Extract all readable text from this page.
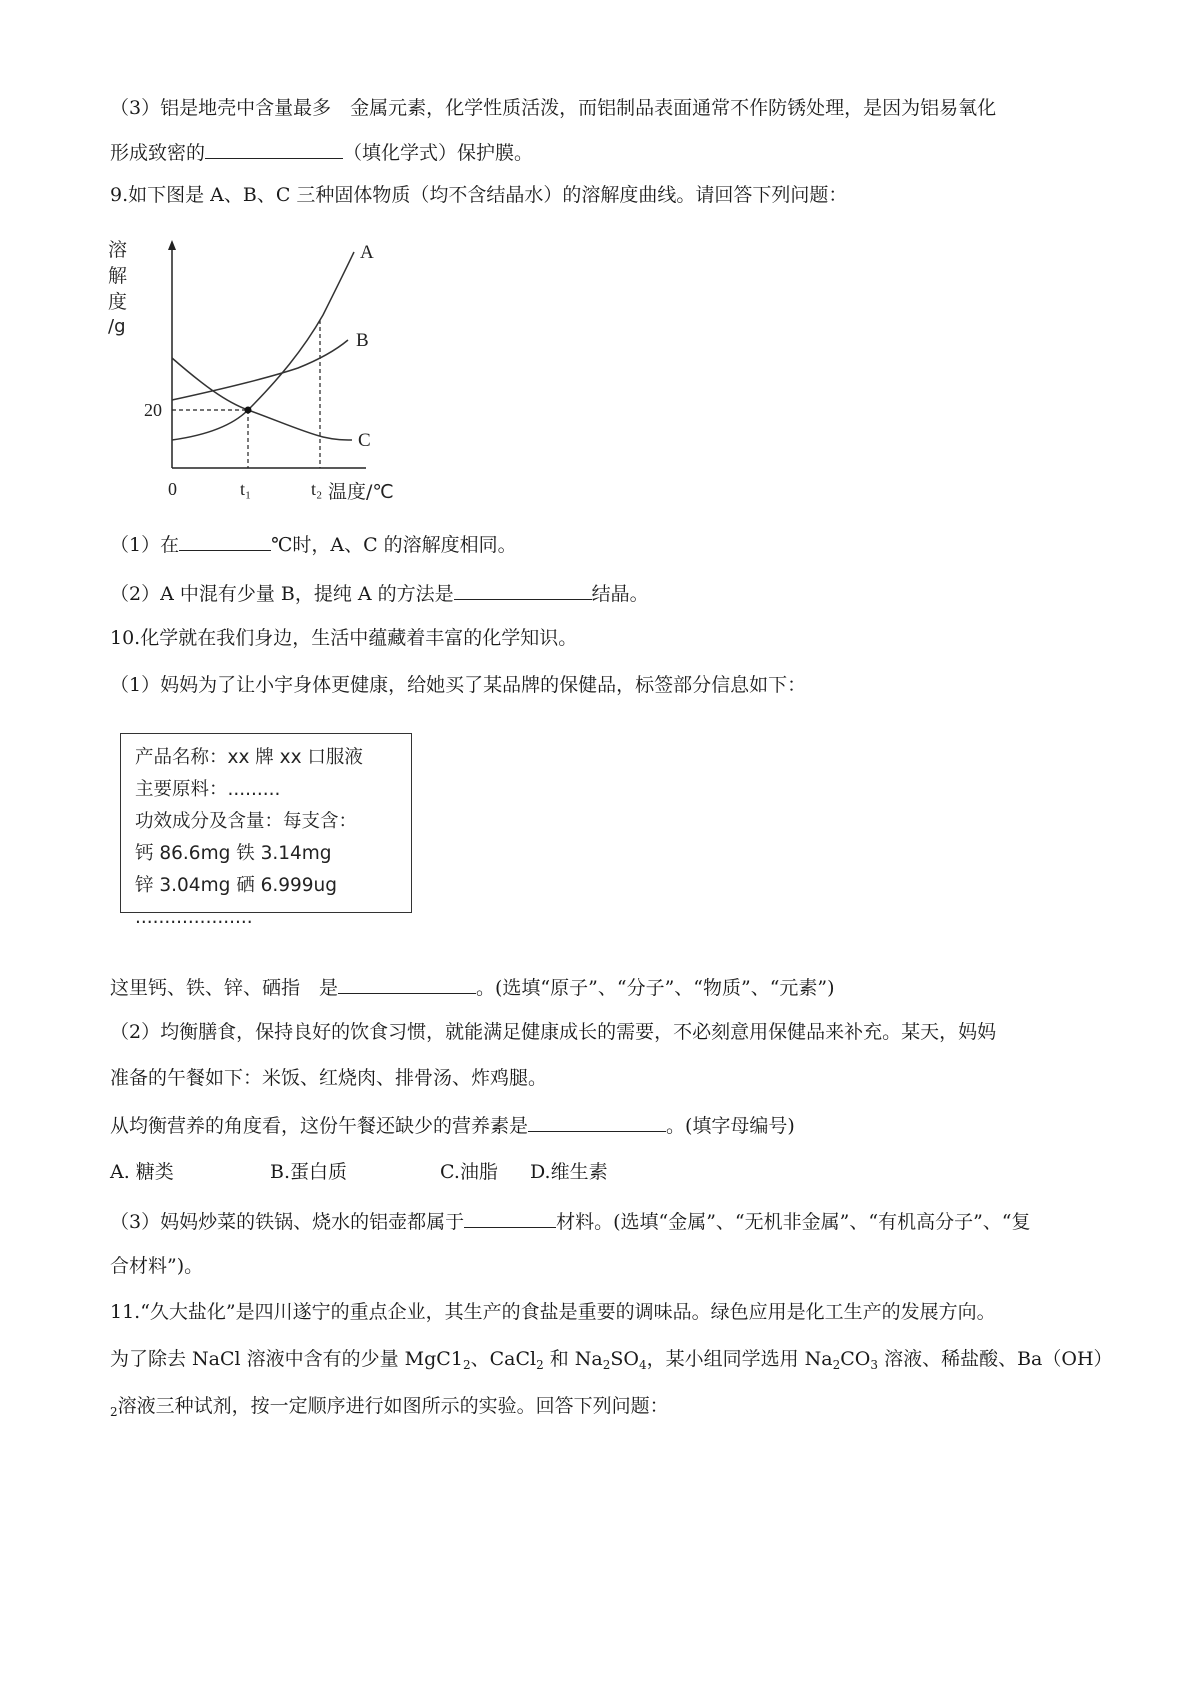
（3）铝是地壳中含量最多　金属元素，化学性质活泼，而铝制品表面通常不作防锈处理，是因为铝易氧化
形成致密的	（填化学式）保护膜。
9.如下图是 A、B、C 三种固体物质（均不含结晶水）的溶解度曲线。请回答下列问题：
溶
解
度
/g
A
B
C
20
0	t₁	t₂ 温度/℃
（1）在	℃时，A、C 的溶解度相同。
（2）A 中混有少量 B，提纯 A 的方法是	结晶。
10.化学就在我们身边，生活中蕴藏着丰富的化学知识。
（1）妈妈为了让小宇身体更健康，给她买了某品牌的保健品，标签部分信息如下：
产品名称：xx 牌 xx 口服液
主要原料：.........
功效成分及含量：每支含：
钙 86.6mg 铁 3.14mg
锌 3.04mg 硒 6.999ug
....................
这里钙、铁、锌、硒指　是	。(选填“原子”、“分子”、“物质”、“元素”)
（2）均衡膳食，保持良好的饮食习惯，就能满足健康成长的需要，不必刻意用保健品来补充。某天，妈妈
准备的午餐如下：米饭、红烧肉、排骨汤、炸鸡腿。
从均衡营养的角度看，这份午餐还缺少的营养素是	。(填字母编号)
A. 糖类	B.蛋白质	C.油脂 D.维生素
（3）妈妈炒菜的铁锅、烧水的铝壶都属于	材料。(选填“金属”、“无机非金属”、“有机高分子”、“复
合材料”)。
11.“久大盐化”是四川遂宁的重点企业，其生产的食盐是重要的调味品。绿色应用是化工生产的发展方向。
为了除去 NaCl 溶液中含有的少量 $MgC1_2$、CaCl$_2$ 和 $Na_2SO_4$，某小组同学选用 $Na_2CO_3$ 溶液、稀盐酸、Ba（OH）
$_2$溶液三种试剂，按一定顺序进行如图所示的实验。回答下列问题：
